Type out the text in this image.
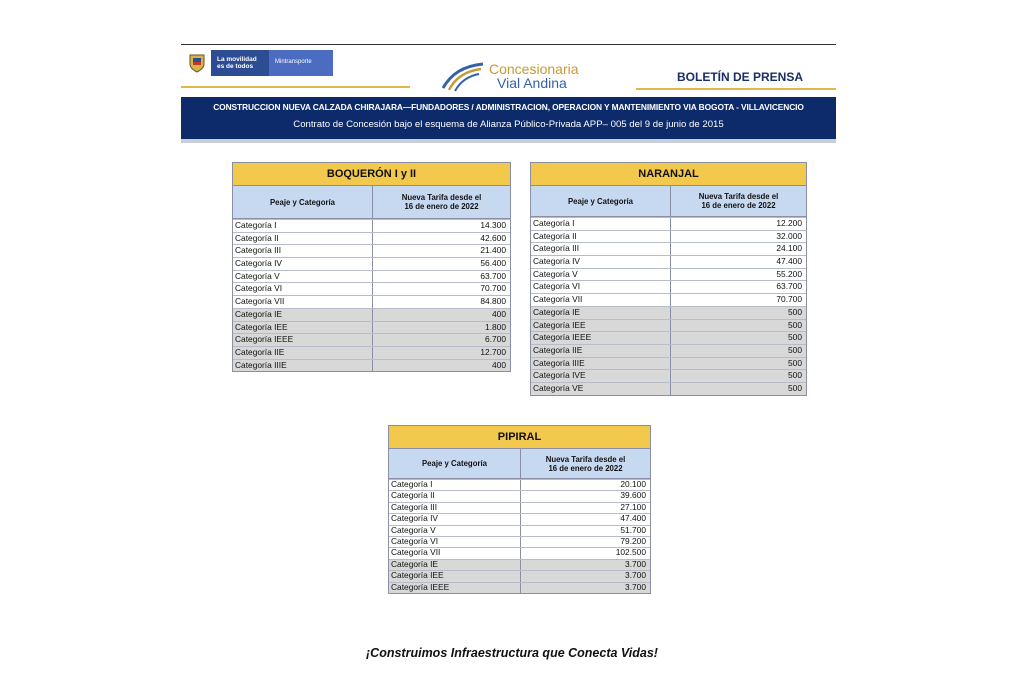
La movilidad
es de todos
Mintransporte	Concesionaria
Vial Andina	BOLETÍN DE PRENSA
CONSTRUCCION NUEVA CALZADA CHIRAJARA—FUNDADORES / ADMINISTRACION, OPERACION Y MANTENIMIENTO VIA BOGOTA - VILLAVICENCIO
Contrato de Concesión bajo el esquema de Alianza Público-Privada APP– 005 del 9 de junio de 2015
BOQUERÓN I y II
Peaje y Categoría	Nueva Tarifa desde el
16 de enero de 2022
Categoría I	14.300
Categoría II	42.600
Categoría III	21.400
Categoría IV	56.400
Categoría V	63.700
Categoría VI	70.700
Categoría VII	84.800
Categoría IE	400
Categoría IEE	1.800
Categoría IEEE	6.700
Categoría IIE	12.700
Categoría IIIE	400
NARANJAL
Peaje y Categoría	Nueva Tarifa desde el
16 de enero de 2022
Categoría I	12.200
Categoría II	32.000
Categoría III	24.100
Categoría IV	47.400
Categoría V	55.200
Categoría VI	63.700
Categoría VII	70.700
Categoría IE	500
Categoría IEE	500
Categoría IEEE	500
Categoría IIE	500
Categoría IIIE	500
Categoría IVE	500
Categoría VE	500
PIPIRAL
Peaje y Categoría	Nueva Tarifa desde el
16 de enero de 2022
Categoría I	20.100
Categoría II	39.600
Categoría III	27.100
Categoría IV	47.400
Categoría V	51.700
Categoría VI	79.200
Categoría VII	102.500
Categoría IE	3.700
Categoría IEE	3.700
Categoría IEEE	3.700
¡Construimos Infraestructura que Conecta Vidas!
